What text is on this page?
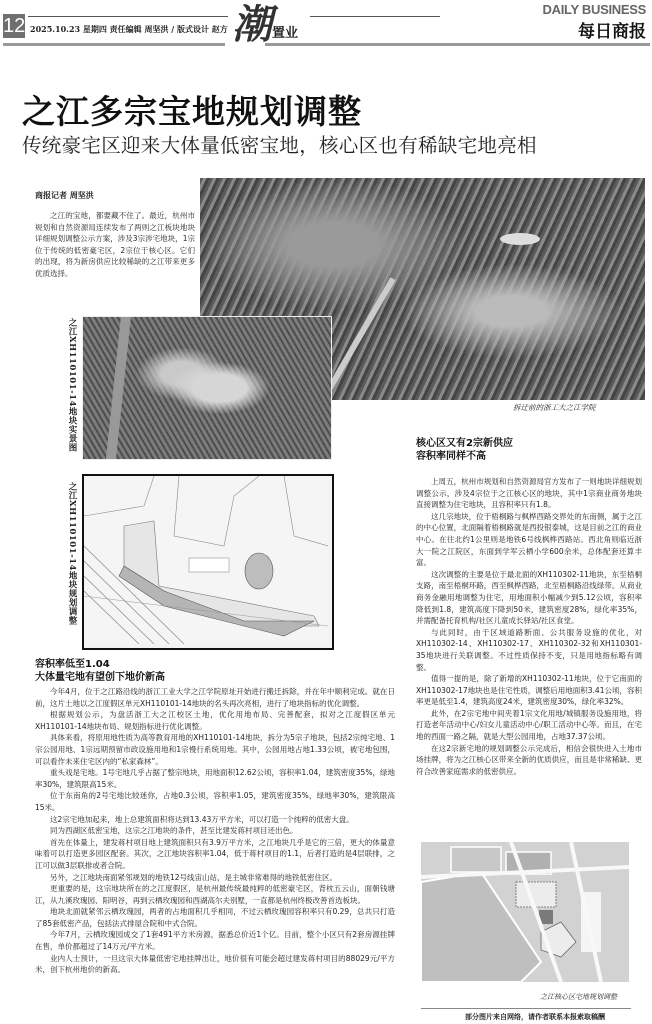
12 2025.10.23 星期四 责任编辑 周坚洪 / 版式设计 赵方 潮 置业
DAILY BUSINESS
每日商报
之江多宗宝地规划调整
传统豪宅区迎来大体量低密宝地，核心区也有稀缺宅地亮相
商报记者 周坚洪

之江的宝地，都要藏不住了。最近，杭州市规划和自然资源局连续发布了两则之江板块地块详细规划调整公示方案，涉及3宗涉宅地块，1宗位于传统的低密豪宅区，2宗位于核心区。它们的出现，将为新房供应比较稀缺的之江带来更多优质选择。

拆迁前的浙工大之江学院
之江XH110101-14地块实景图
之江XH110101-14地块规划调整
容积率低至1.04
大体量宅地有望创下地价新高

今年4月，位于之江路沿线的浙江工业大学之江学院原址开始进行搬迁拆除，并在年中顺利完成。就在日前，这片土地以之江度假区单元XH110101-14地块的名头再次亮相，进行了地块指标的优化调整。

根据规划公示，为盘活浙工大之江校区土地，优化用地布局、完善配套，拟对之江度假区单元XH110101-14地块布局、规划指标进行优化调整。

具体来看，将原用地性质为高等教育用地的XH110101-14地块，拆分为5宗子地块，包括2宗纯宅地、1宗公园用地、1宗远期预留市政设施用地和1宗慢行系统用地。其中，公园用地占地1.33公顷，被宅地包围，可以看作未来住宅区内的“私家森林”。

重头戏是宅地。1号宅地几乎占据了整宗地块，用地面积12.62公顷，容积率1.04，建筑密度35%，绿地率30%，建筑限高15米。

位于东南角的2号宅地比较迷你，占地0.3公顷，容积率1.05，建筑密度35%，绿地率30%，建筑限高15米。

这2宗宅地加起来，地上总建筑面积将达到13.43万平方米，可以打造一个纯粹的低密大盘。

同为西湖区低密宝地，这宗之江地块的条件，甚至比建发蒋村项目还出色。

首先在体量上，建发蒋村项目地上建筑面积只有3.9万平方米，之江地块几乎是它的三倍，更大的体量意味着可以打造更多园区配套。其次，之江地块容积率1.04，低于蒋村项目的1.1，后者打造的是4层联排，之江可以做3层联排或者合院。

另外，之江地块南面紧邻规划的地铁12号线宙山站，是主城非常难得的地铁低密住区。

更重要的是，这宗地块所在的之江度假区，是杭州最传统最纯粹的低密豪宅区，背枕五云山，面朝钱塘江，从九溪玫瑰园、阳明谷，再到云栖玫瑰园和西湖高尔夫别墅，一直都是杭州终极改善首选板块。

地块北面就紧邻云栖玫瑰园，两者的占地面积几乎相同，不过云栖玫瑰园容积率只有0.29，总共只打造了85套低密产品，包括法式排屋合院和中式合院。

今年7月，云栖玫瑰园成交了1套491平方米房源，据悉总价近1个亿。目前，整个小区只有2套房源挂牌在售，单价都超过了14万元/平方米。

业内人士预计，一旦这宗大体量低密宅地挂牌出让，地价很有可能会超过建发蒋村项目的88029元/平方米，创下杭州地价的新高。

核心区又有2宗新供应
容积率同样不高

上周五，杭州市规划和自然资源局官方发布了一则地块详细规划调整公示，涉及4宗位于之江核心区的地块，其中1宗商业商务地块直接调整为住宅地块，且容积率只有1.8。

这几宗地块，位于梧桐路与枫桦西路交界处的东南侧，属于之江的中心位置，北面隔着梧桐路就是西投银泰城，这是目前之江的商业中心。在往北约1公里则是地铁6号线枫桦西路站。西北角则临近浙大一院之江院区，东面到学军云栖小学600余米，总体配套还算丰富。

这次调整的主要是位于最北面的XH110302-11地块，东至梧桐支路，南至梧桐环路，西至枫桦西路，北至梧桐路沿线绿带。从商业商务金融用地调整为住宅，用地面积小幅减少到5.12公顷，容积率降低到1.8，建筑高度下降到50米，建筑密度28%，绿化率35%，并需配备托育机构/社区儿童成长驿站/社区食堂。

与此同时，由于区域道路断面、公共服务设施的优化，对XH110302-14、XH110302-17、XH110302-32和XH110301-35地块进行关联调整。不过性质保持不变，只是用地指标略有调整。

值得一提的是，除了新增的XH110302-11地块，位于它南面的XH110302-17地块也是住宅性质，调整后用地面积3.41公顷，容积率更是低至1.4，建筑高度24米，建筑密度30%，绿化率32%。

此外，在2宗宅地中间夹着1宗文化用地/城镇服务设施用地，将打造老年活动中心/妇女儿童活动中心/职工活动中心等。而且，在宅地的西面一路之隔，就是大型公园用地，占地37.37公顷。

在这2宗新宅地的规划调整公示完成后，相信会很快进入土地市场挂牌，将为之江核心区带来全新的优质供应，而且是非常稀缺、更符合改善家庭需求的低密供应。

之江核心区宅地规划调整
部分图片来自网络，请作者联系本报索取稿酬
